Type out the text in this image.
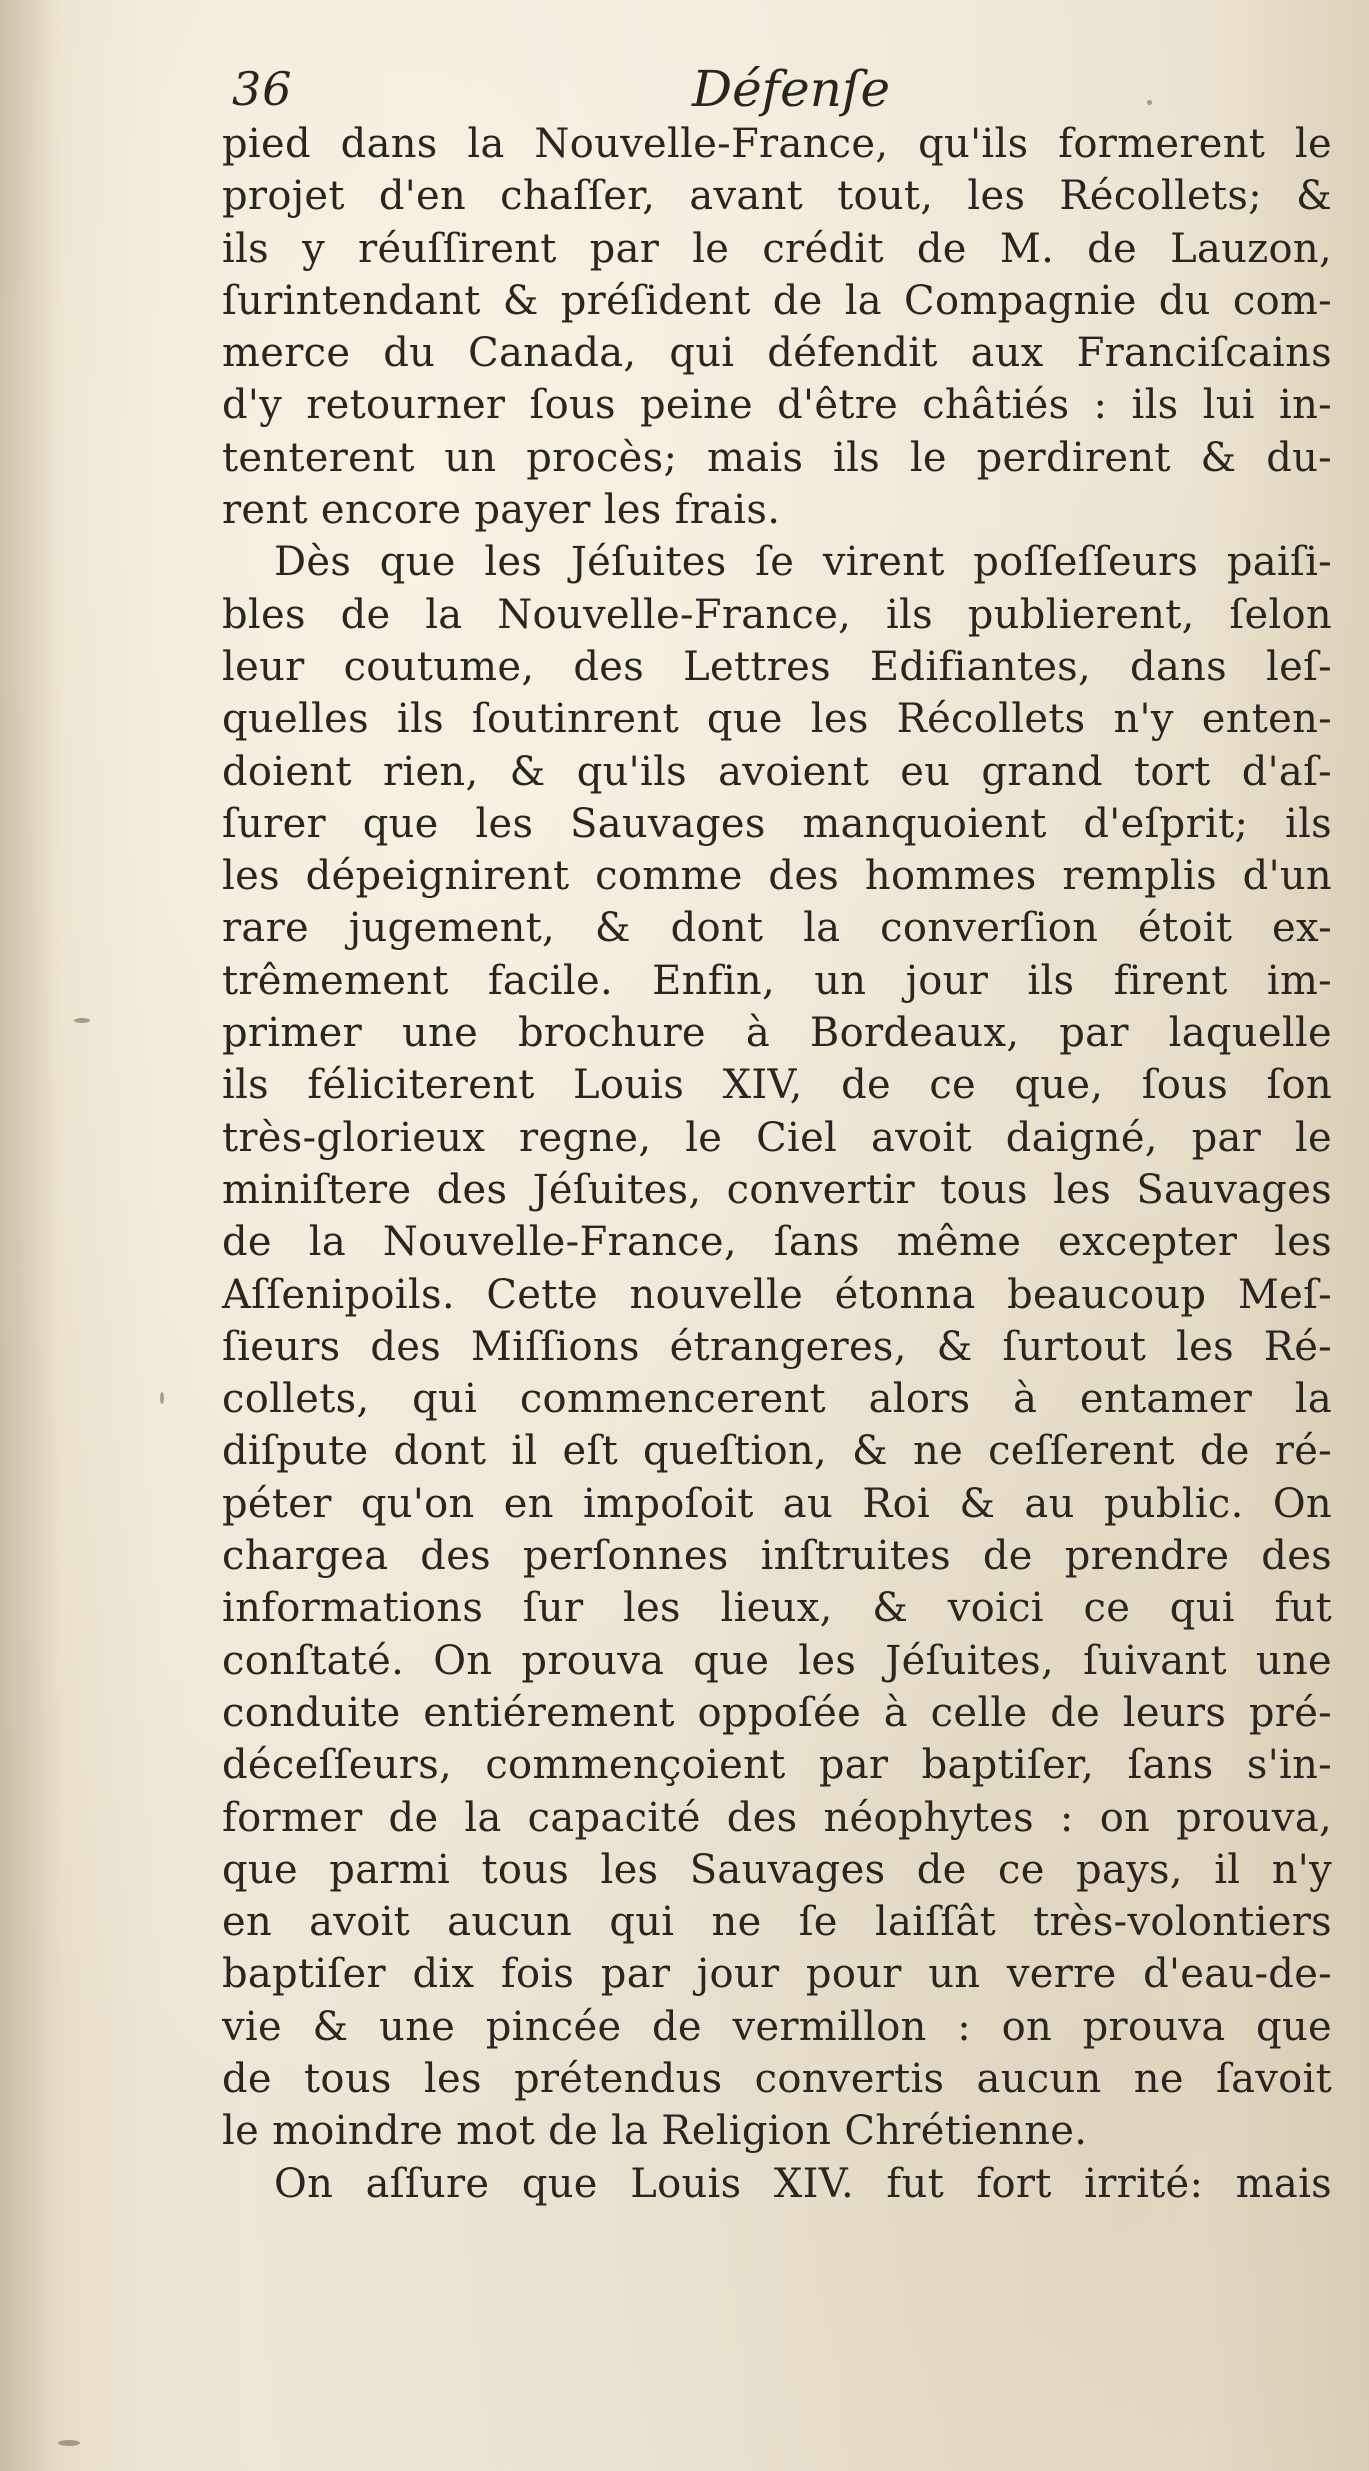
36	Défenſe
pied dans la Nouvelle-France, qu'ils formerent le
projet d'en chaſſer, avant tout, les Récollets; &
ils y réuſſirent par le crédit de M. de Lauzon,
ſurintendant & préſident de la Compagnie du com-
merce du Canada, qui défendit aux Franciſcains
d'y retourner ſous peine d'être châtiés : ils lui in-
tenterent un procès; mais ils le perdirent & du-
rent encore payer les frais.
Dès que les Jéſuites ſe virent poſſeſſeurs paiſi-
bles de la Nouvelle-France, ils publierent, ſelon
leur coutume, des Lettres Edifiantes, dans leſ-
quelles ils ſoutinrent que les Récollets n'y enten-
doient rien, & qu'ils avoient eu grand tort d'aſ-
ſurer que les Sauvages manquoient d'eſprit; ils
les dépeignirent comme des hommes remplis d'un
rare jugement, & dont la converſion étoit ex-
trêmement facile. Enfin, un jour ils firent im-
primer une brochure à Bordeaux, par laquelle
ils féliciterent Louis XIV, de ce que, ſous ſon
très-glorieux regne, le Ciel avoit daigné, par le
miniſtere des Jéſuites, convertir tous les Sauvages
de la Nouvelle-France, ſans même excepter les
Aſſenipoils. Cette nouvelle étonna beaucoup Meſ-
ſieurs des Miſſions étrangeres, & ſurtout les Ré-
collets, qui commencerent alors à entamer la
diſpute dont il eſt queſtion, & ne ceſſerent de ré-
péter qu'on en impoſoit au Roi & au public. On
chargea des perſonnes inſtruites de prendre des
informations ſur les lieux, & voici ce qui fut
conſtaté. On prouva que les Jéſuites, ſuivant une
conduite entiérement oppoſée à celle de leurs pré-
déceſſeurs, commençoient par baptiſer, ſans s'in-
former de la capacité des néophytes : on prouva,
que parmi tous les Sauvages de ce pays, il n'y
en avoit aucun qui ne ſe laiſſât très-volontiers
baptiſer dix fois par jour pour un verre d'eau-de-
vie & une pincée de vermillon : on prouva que
de tous les prétendus convertis aucun ne ſavoit
le moindre mot de la Religion Chrétienne.
On aſſure que Louis XIV. fut fort irrité: mais
